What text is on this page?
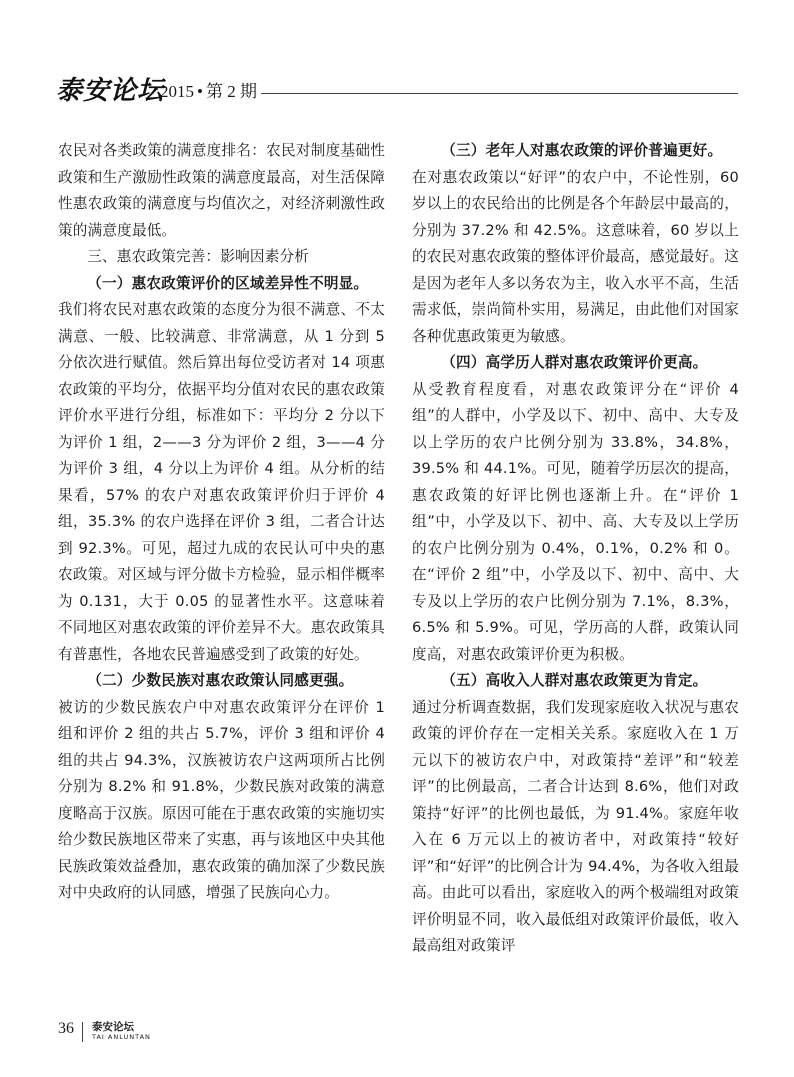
泰安论坛
2015 • 第 2 期

农民对各类政策的满意度排名：农民对制度基础性政策和生产激励性政策的满意度最高，对生活保障性惠农政策的满意度与均值次之，对经济刺激性政策的满意度最低。

三、惠农政策完善：影响因素分析

（一）惠农政策评价的区域差异性不明显。

我们将农民对惠农政策的态度分为很不满意、不太满意、一般、比较满意、非常满意，从 1 分到 5 分依次进行赋值。然后算出每位受访者对 14 项惠农政策的平均分，依据平均分值对农民的惠农政策评价水平进行分组，标准如下：平均分 2 分以下为评价 1 组，2——3 分为评价 2 组，3——4 分为评价 3 组，4 分以上为评价 4 组。从分析的结果看，57% 的农户对惠农政策评价归于评价 4 组，35.3% 的农户选择在评价 3 组，二者合计达到 92.3%。可见，超过九成的农民认可中央的惠农政策。对区域与评分做卡方检验，显示相伴概率为 0.131，大于 0.05 的显著性水平。这意味着不同地区对惠农政策的评价差异不大。惠农政策具有普惠性，各地农民普遍感受到了政策的好处。

（二）少数民族对惠农政策认同感更强。

被访的少数民族农户中对惠农政策评分在评价 1 组和评价 2 组的共占 5.7%，评价 3 组和评价 4 组的共占 94.3%，汉族被访农户这两项所占比例分别为 8.2% 和 91.8%，少数民族对政策的满意度略高于汉族。原因可能在于惠农政策的实施切实给少数民族地区带来了实惠，再与该地区中央其他民族政策效益叠加，惠农政策的确加深了少数民族对中央政府的认同感，增强了民族向心力。

（三）老年人对惠农政策的评价普遍更好。

在对惠农政策以“好评”的农户中，不论性别，60 岁以上的农民给出的比例是各个年龄层中最高的，分别为 37.2% 和 42.5%。这意味着，60 岁以上的农民对惠农政策的整体评价最高，感觉最好。这是因为老年人多以务农为主，收入水平不高，生活需求低，崇尚简朴实用，易满足，由此他们对国家各种优惠政策更为敏感。

（四）高学历人群对惠农政策评价更高。

从受教育程度看，对惠农政策评分在“评价 4 组”的人群中，小学及以下、初中、高中、大专及以上学历的农户比例分别为 33.8%，34.8%，39.5% 和 44.1%。可见，随着学历层次的提高，惠农政策的好评比例也逐渐上升。在“评价 1 组”中，小学及以下、初中、高、大专及以上学历的农户比例分别为 0.4%，0.1%，0.2% 和 0。在“评价 2 组”中，小学及以下、初中、高中、大专及以上学历的农户比例分别为 7.1%，8.3%，6.5% 和 5.9%。可见，学历高的人群，政策认同度高，对惠农政策评价更为积极。

（五）高收入人群对惠农政策更为肯定。

通过分析调查数据，我们发现家庭收入状况与惠农政策的评价存在一定相关关系。家庭收入在 1 万元以下的被访农户中，对政策持“差评”和“较差评”的比例最高，二者合计达到 8.6%，他们对政策持“好评”的比例也最低，为 91.4%。家庭年收入在 6 万元以上的被访者中，对政策持“较好评”和“好评”的比例合计为 94.4%，为各收入组最高。由此可以看出，家庭收入的两个极端组对政策评价明显不同，收入最低组对政策评价最低，收入最高组对政策评

36 泰安论坛
TAI ANLUNTAN
